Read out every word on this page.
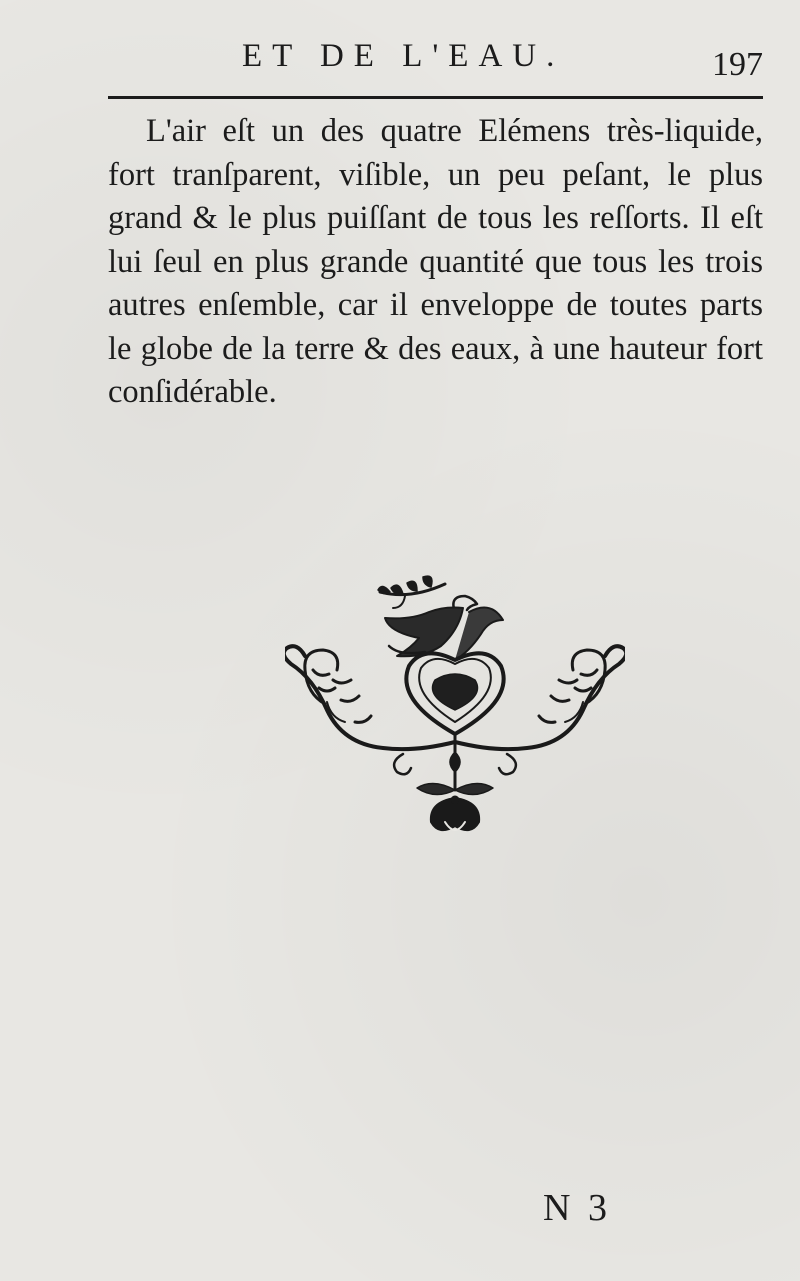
ET DE L'EAU.	197

L'air eſt un des quatre Elémens très-liquide, fort tranſparent, viſible, un peu peſant, le plus grand & le plus puiſſant de tous les reſſorts. Il eſt lui ſeul en plus grande quantité que tous les trois autres enſemble, car il enveloppe de toutes parts le globe de la terre & des eaux, à une hauteur fort conſidérable.

N 3
